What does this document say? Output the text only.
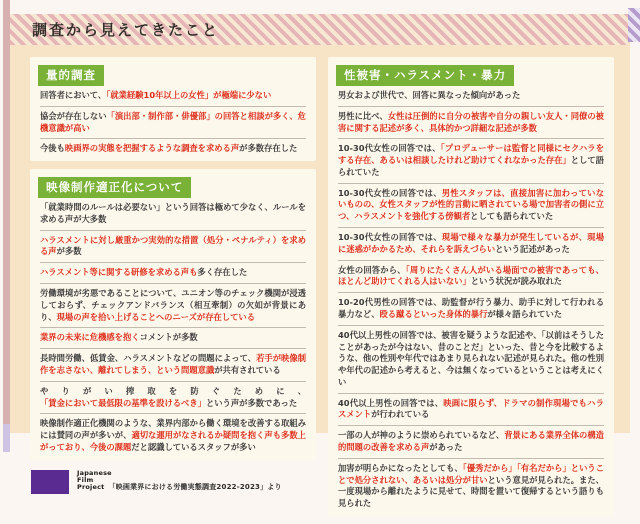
調査から見えてきたこと
量的調査

回答者において、「就業経験10年以上の女性」が極端に少ない

協会が存在しない「演出部・制作部・俳優部」の回答と相談が多く、危機意識が高い

今後も映画界の実態を把握するような調査を求める声が多数存在した

映像制作適正化について

「就業時間のルールは必要ない」という回答は極めて少なく、ルールを求める声が大多数

ハラスメントに対し厳重かつ実効的な措置（処分・ペナルティ）を求める声が多数

ハラスメント等に関する研修を求める声も多く存在した

労働環境が劣悪であることについて、ユニオン等のチェック機関が浸透しておらず、チェックアンドバランス（相互牽制）の欠如が背景にあり、現場の声を拾い上げることへのニーズが存在している

業界の未来に危機感を抱くコメントが多数

長時間労働、低賃金、ハラスメントなどの問題によって、若手が映像制作を志さない、離れてしまう、という問題意識が共有されている

やりがい搾取を防ぐために、「賃金において最低限の基準を設けるべき」という声が多数であった

映像制作適正化機関のような、業界内部から働く環境を改善する取組みには賛同の声が多いが、適切な運用がなされるか疑問を抱く声も多数上がっており、今後の課題だと認識しているスタッフが多い

Japanese
Film
Project 「映画業界における労働実態調査2022-2023」より
性被害・ハラスメント・暴力

男女および世代で、回答に異なった傾向があった

男性に比べ、女性は圧倒的に自分の被害や自分の親しい友人・同僚の被害に関する記述が多く、具体的かつ詳細な記述が多数

10-30代女性の回答では、「プロデューサーは監督と同様にセクハラをする存在、あるいは相談したけれど助けてくれなかった存在」として語られていた

10-30代女性の回答では、男性スタッフは、直接加害に加わっていないものの、女性スタッフが性的言動に晒されている場で加害者の側に立つ、ハラスメントを強化する傍観者としても語られていた

10-30代女性の回答では、現場で様々な暴力が発生しているが、現場に迷惑がかかるため、それらを訴えづらいという記述があった

女性の回答から、「周りにたくさん人がいる場面での被害であっても、ほとんど助けてくれる人はいない」という状況が読み取れた

10-20代男性の回答では、助監督が行う暴力、助手に対して行われる暴力など、殴る蹴るといった身体的暴行が様々語られていた

40代以上男性の回答では、被害を疑うような記述や、「以前はそうしたことがあったが今はない、昔のことだ」といった、昔と今を比較するような、他の性別や年代ではあまり見られない記述が見られた。他の性別や年代の記述から考えると、今は無くなっているということは考えにくい

40代以上男性の回答では、映画に限らず、ドラマの制作現場でもハラスメントが行われている

一部の人が神のように崇められているなど、背景にある業界全体の構造的問題の改善を求める声があった

加害が明らかになったとしても、「優秀だから」「有名だから」ということで処分されない、あるいは処分が甘いという意見が見られた。また、一度現場から離れたように見せて、時間を置いて復帰するという語りも見られた
